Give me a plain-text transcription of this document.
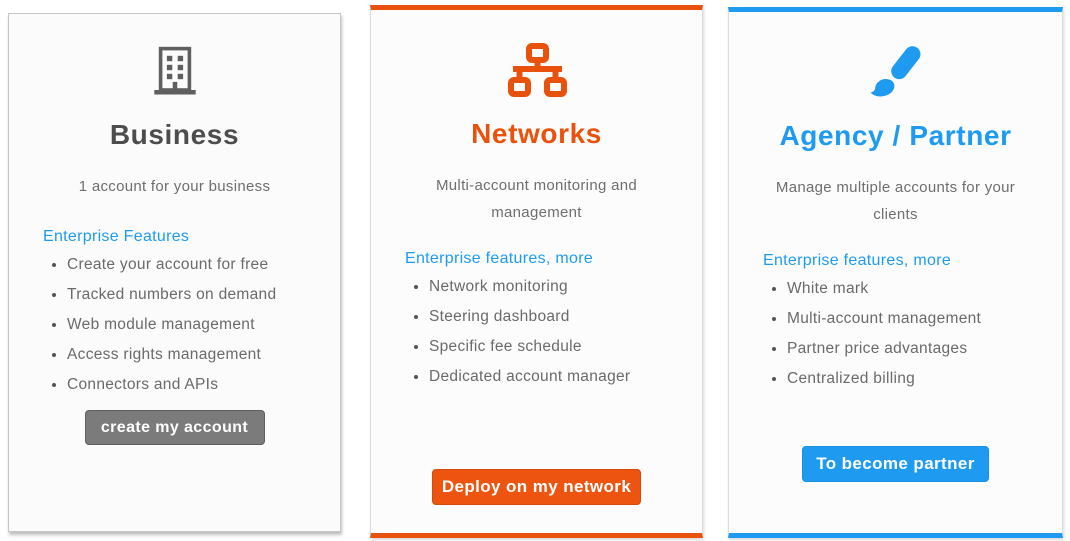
Business

1 account for your business

Enterprise Features
• Create your account for free
• Tracked numbers on demand
• Web module management
• Access rights management
• Connectors and APIs
create my account
Networks

Multi-account monitoring and management

Enterprise features, more
• Network monitoring
• Steering dashboard
• Specific fee schedule
• Dedicated account manager
Deploy on my network
Agency / Partner

Manage multiple accounts for your clients

Enterprise features, more
• White mark
• Multi-account management
• Partner price advantages
• Centralized billing
To become partner
